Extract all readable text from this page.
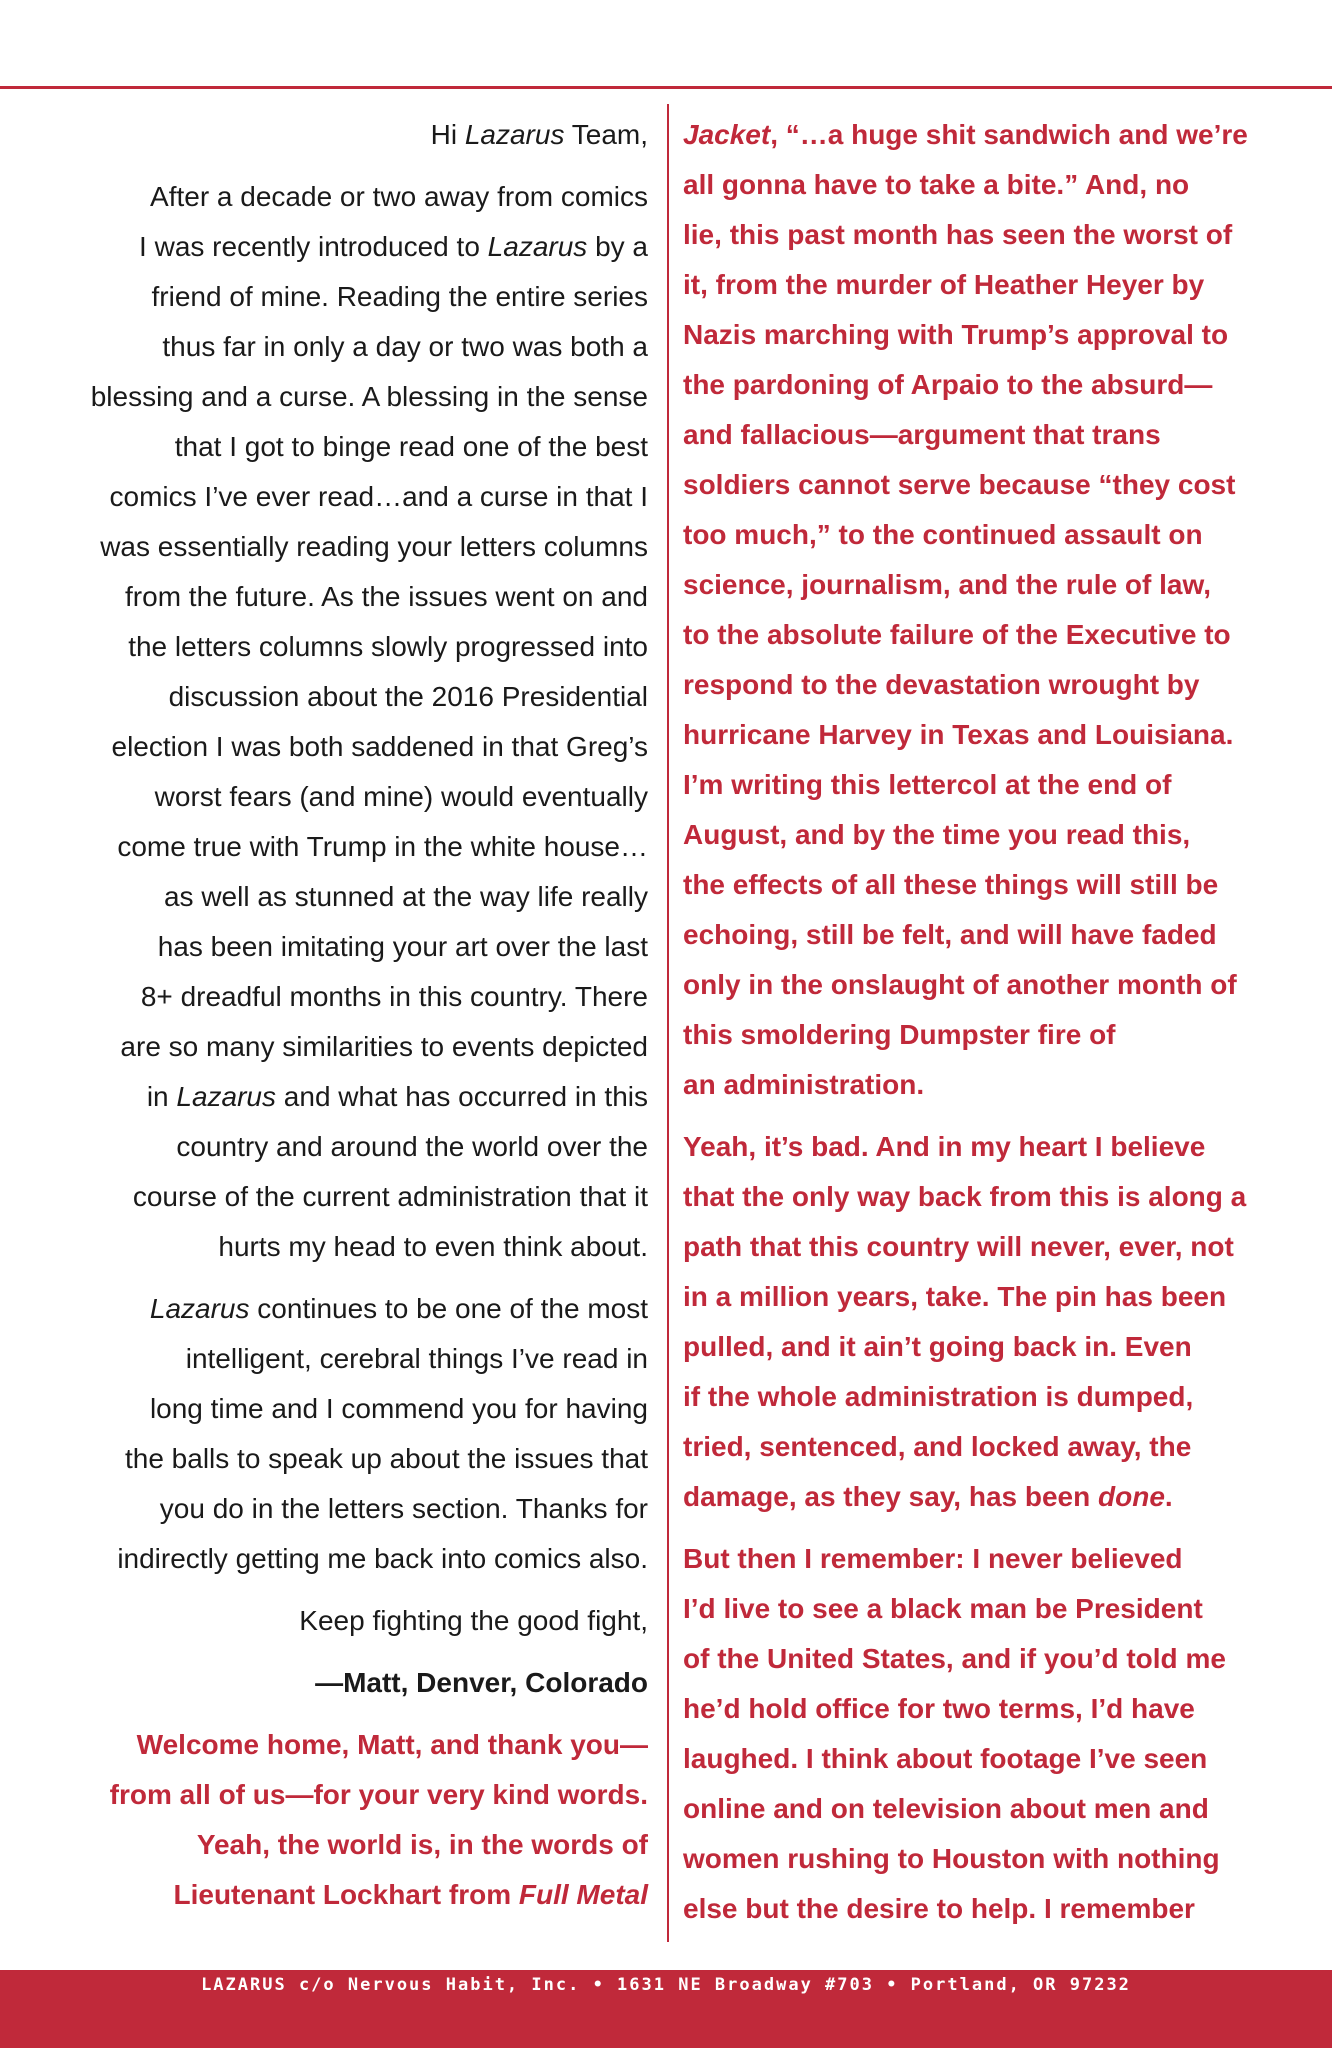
Hi Lazarus Team,

After a decade or two away from comics
I was recently introduced to Lazarus by a
friend of mine. Reading the entire series
thus far in only a day or two was both a
blessing and a curse. A blessing in the sense
that I got to binge read one of the best
comics I’ve ever read…and a curse in that I
was essentially reading your letters columns
from the future. As the issues went on and
the letters columns slowly progressed into
discussion about the 2016 Presidential
election I was both saddened in that Greg’s
worst fears (and mine) would eventually
come true with Trump in the white house…
as well as stunned at the way life really
has been imitating your art over the last
8+ dreadful months in this country. There
are so many similarities to events depicted
in Lazarus and what has occurred in this
country and around the world over the
course of the current administration that it
hurts my head to even think about.

Lazarus continues to be one of the most
intelligent, cerebral things I’ve read in
long time and I commend you for having
the balls to speak up about the issues that
you do in the letters section. Thanks for
indirectly getting me back into comics also.

Keep fighting the good fight,

—Matt, Denver, Colorado

Welcome home, Matt, and thank you—
from all of us—for your very kind words.
Yeah, the world is, in the words of
Lieutenant Lockhart from Full Metal

Jacket, “…a huge shit sandwich and we’re
all gonna have to take a bite.” And, no
lie, this past month has seen the worst of
it, from the murder of Heather Heyer by
Nazis marching with Trump’s approval to
the pardoning of Arpaio to the absurd—
and fallacious—argument that trans
soldiers cannot serve because “they cost
too much,” to the continued assault on
science, journalism, and the rule of law,
to the absolute failure of the Executive to
respond to the devastation wrought by
hurricane Harvey in Texas and Louisiana.
I’m writing this lettercol at the end of
August, and by the time you read this,
the effects of all these things will still be
echoing, still be felt, and will have faded
only in the onslaught of another month of
this smoldering Dumpster fire of
an administration.

Yeah, it’s bad. And in my heart I believe
that the only way back from this is along a
path that this country will never, ever, not
in a million years, take. The pin has been
pulled, and it ain’t going back in. Even
if the whole administration is dumped,
tried, sentenced, and locked away, the
damage, as they say, has been done.

But then I remember: I never believed
I’d live to see a black man be President
of the United States, and if you’d told me
he’d hold office for two terms, I’d have
laughed. I think about footage I’ve seen
online and on television about men and
women rushing to Houston with nothing
else but the desire to help. I remember

LAZARUS c/o Nervous Habit, Inc. • 1631 NE Broadway #703 • Portland, OR 97232
